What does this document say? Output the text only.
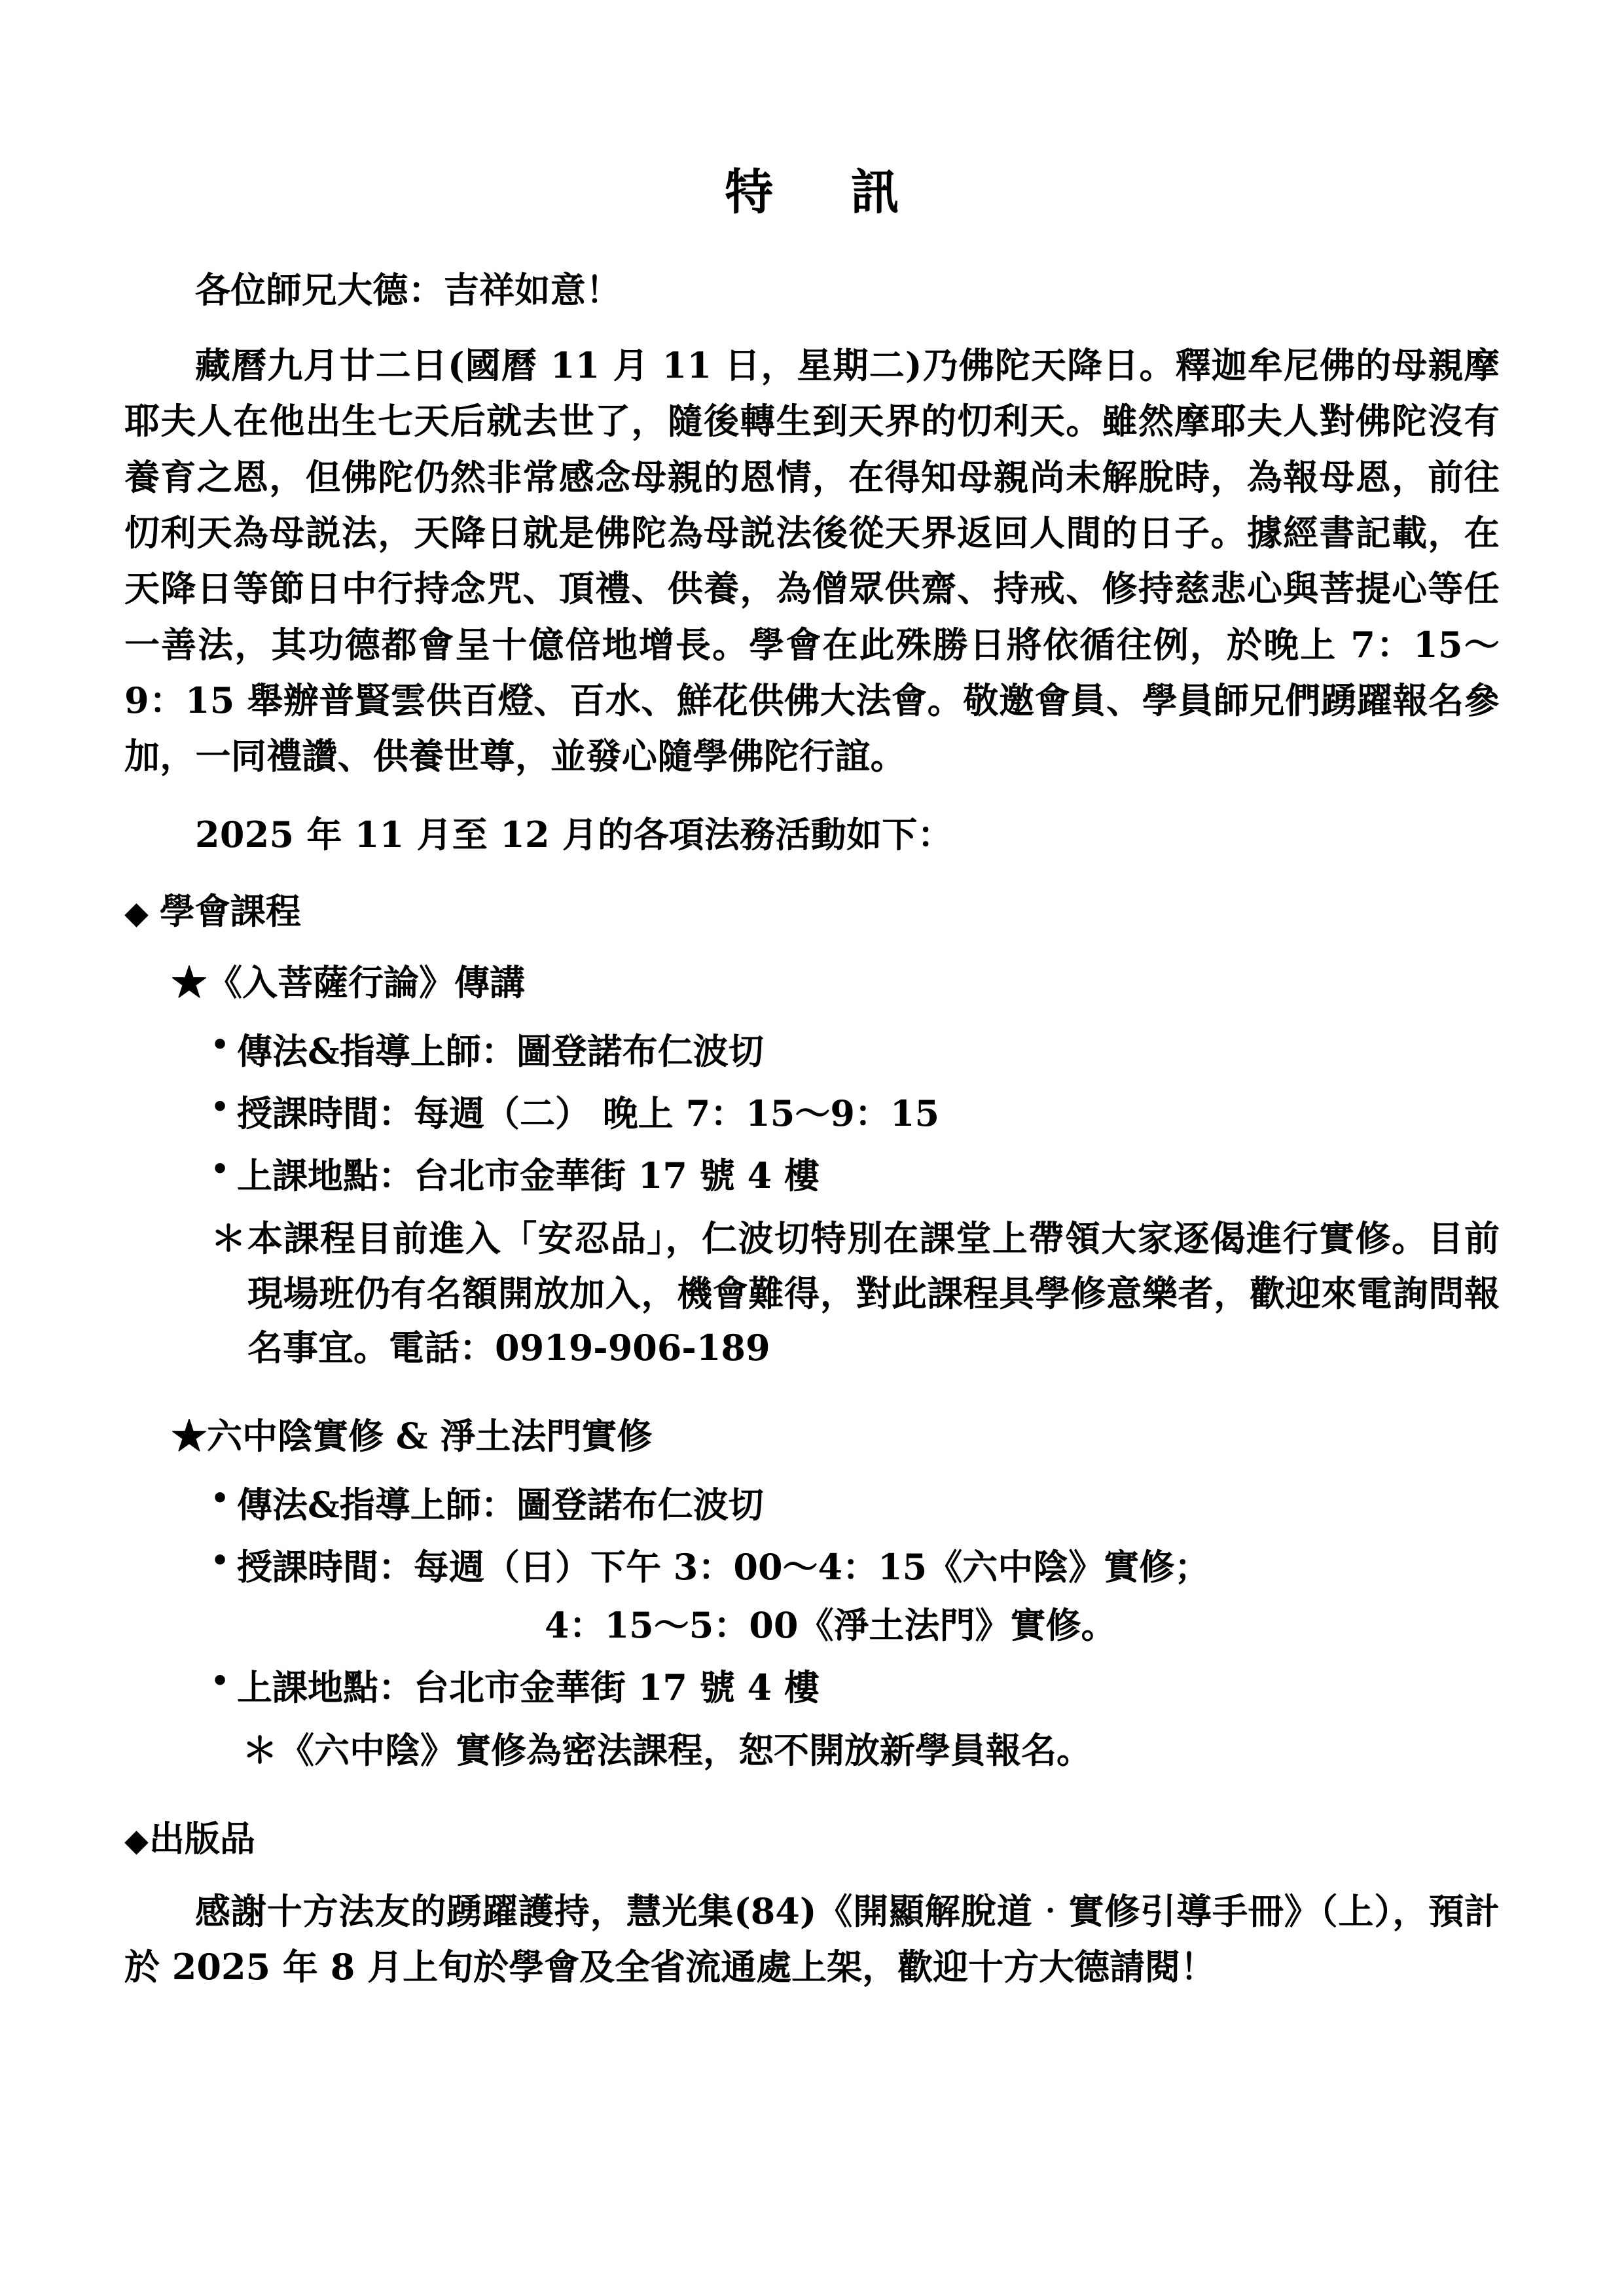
特　訊

各位師兄大德：吉祥如意！

藏曆九月廿二日(國曆 11 月 11 日，星期二)乃佛陀天降日。釋迦牟尼佛的母親摩耶夫人在他出生七天后就去世了，隨後轉生到天界的忉利天。雖然摩耶夫人對佛陀沒有養育之恩，但佛陀仍然非常感念母親的恩情，在得知母親尚未解脫時，為報母恩，前往忉利天為母説法，天降日就是佛陀為母説法後從天界返回人間的日子。據經書記載，在天降日等節日中行持念咒、頂禮、供養，為僧眾供齋、持戒、修持慈悲心與菩提心等任一善法，其功德都會呈十億倍地增長。學會在此殊勝日將依循往例，於晚上 7：15～9：15 舉辦普賢雲供百燈、百水、鮮花供佛大法會。敬邀會員、學員師兄們踴躍報名參加，一同禮讚、供養世尊，並發心隨學佛陀行誼。

2025 年 11 月至 12 月的各項法務活動如下：

◆ 學會課程
★《入菩薩行論》傳講
• 傳法&指導上師：圖登諾布仁波切
• 授課時間：每週（二） 晚上 7：15～9：15
• 上課地點：台北市金華街 17 號 4 樓
＊ 本課程目前進入「安忍品」，仁波切特別在課堂上帶領大家逐偈進行實修。目前現場班仍有名額開放加入，機會難得，對此課程具學修意樂者，歡迎來電詢問報名事宜。電話：0919-906-189
★六中陰實修 & 淨土法門實修
• 傳法&指導上師：圖登諾布仁波切
• 授課時間：每週（日）下午 3：00～4：15《六中陰》實修；
4：15～5：00《淨土法門》實修。
• 上課地點：台北市金華街 17 號 4 樓
＊ 《六中陰》實修為密法課程，恕不開放新學員報名。
◆出版品

感謝十方法友的踴躍護持，慧光集(84)《開顯解脫道‧實修引導手冊》（上），預計於 2025 年 8 月上旬於學會及全省流通處上架，歡迎十方大德請閱！
